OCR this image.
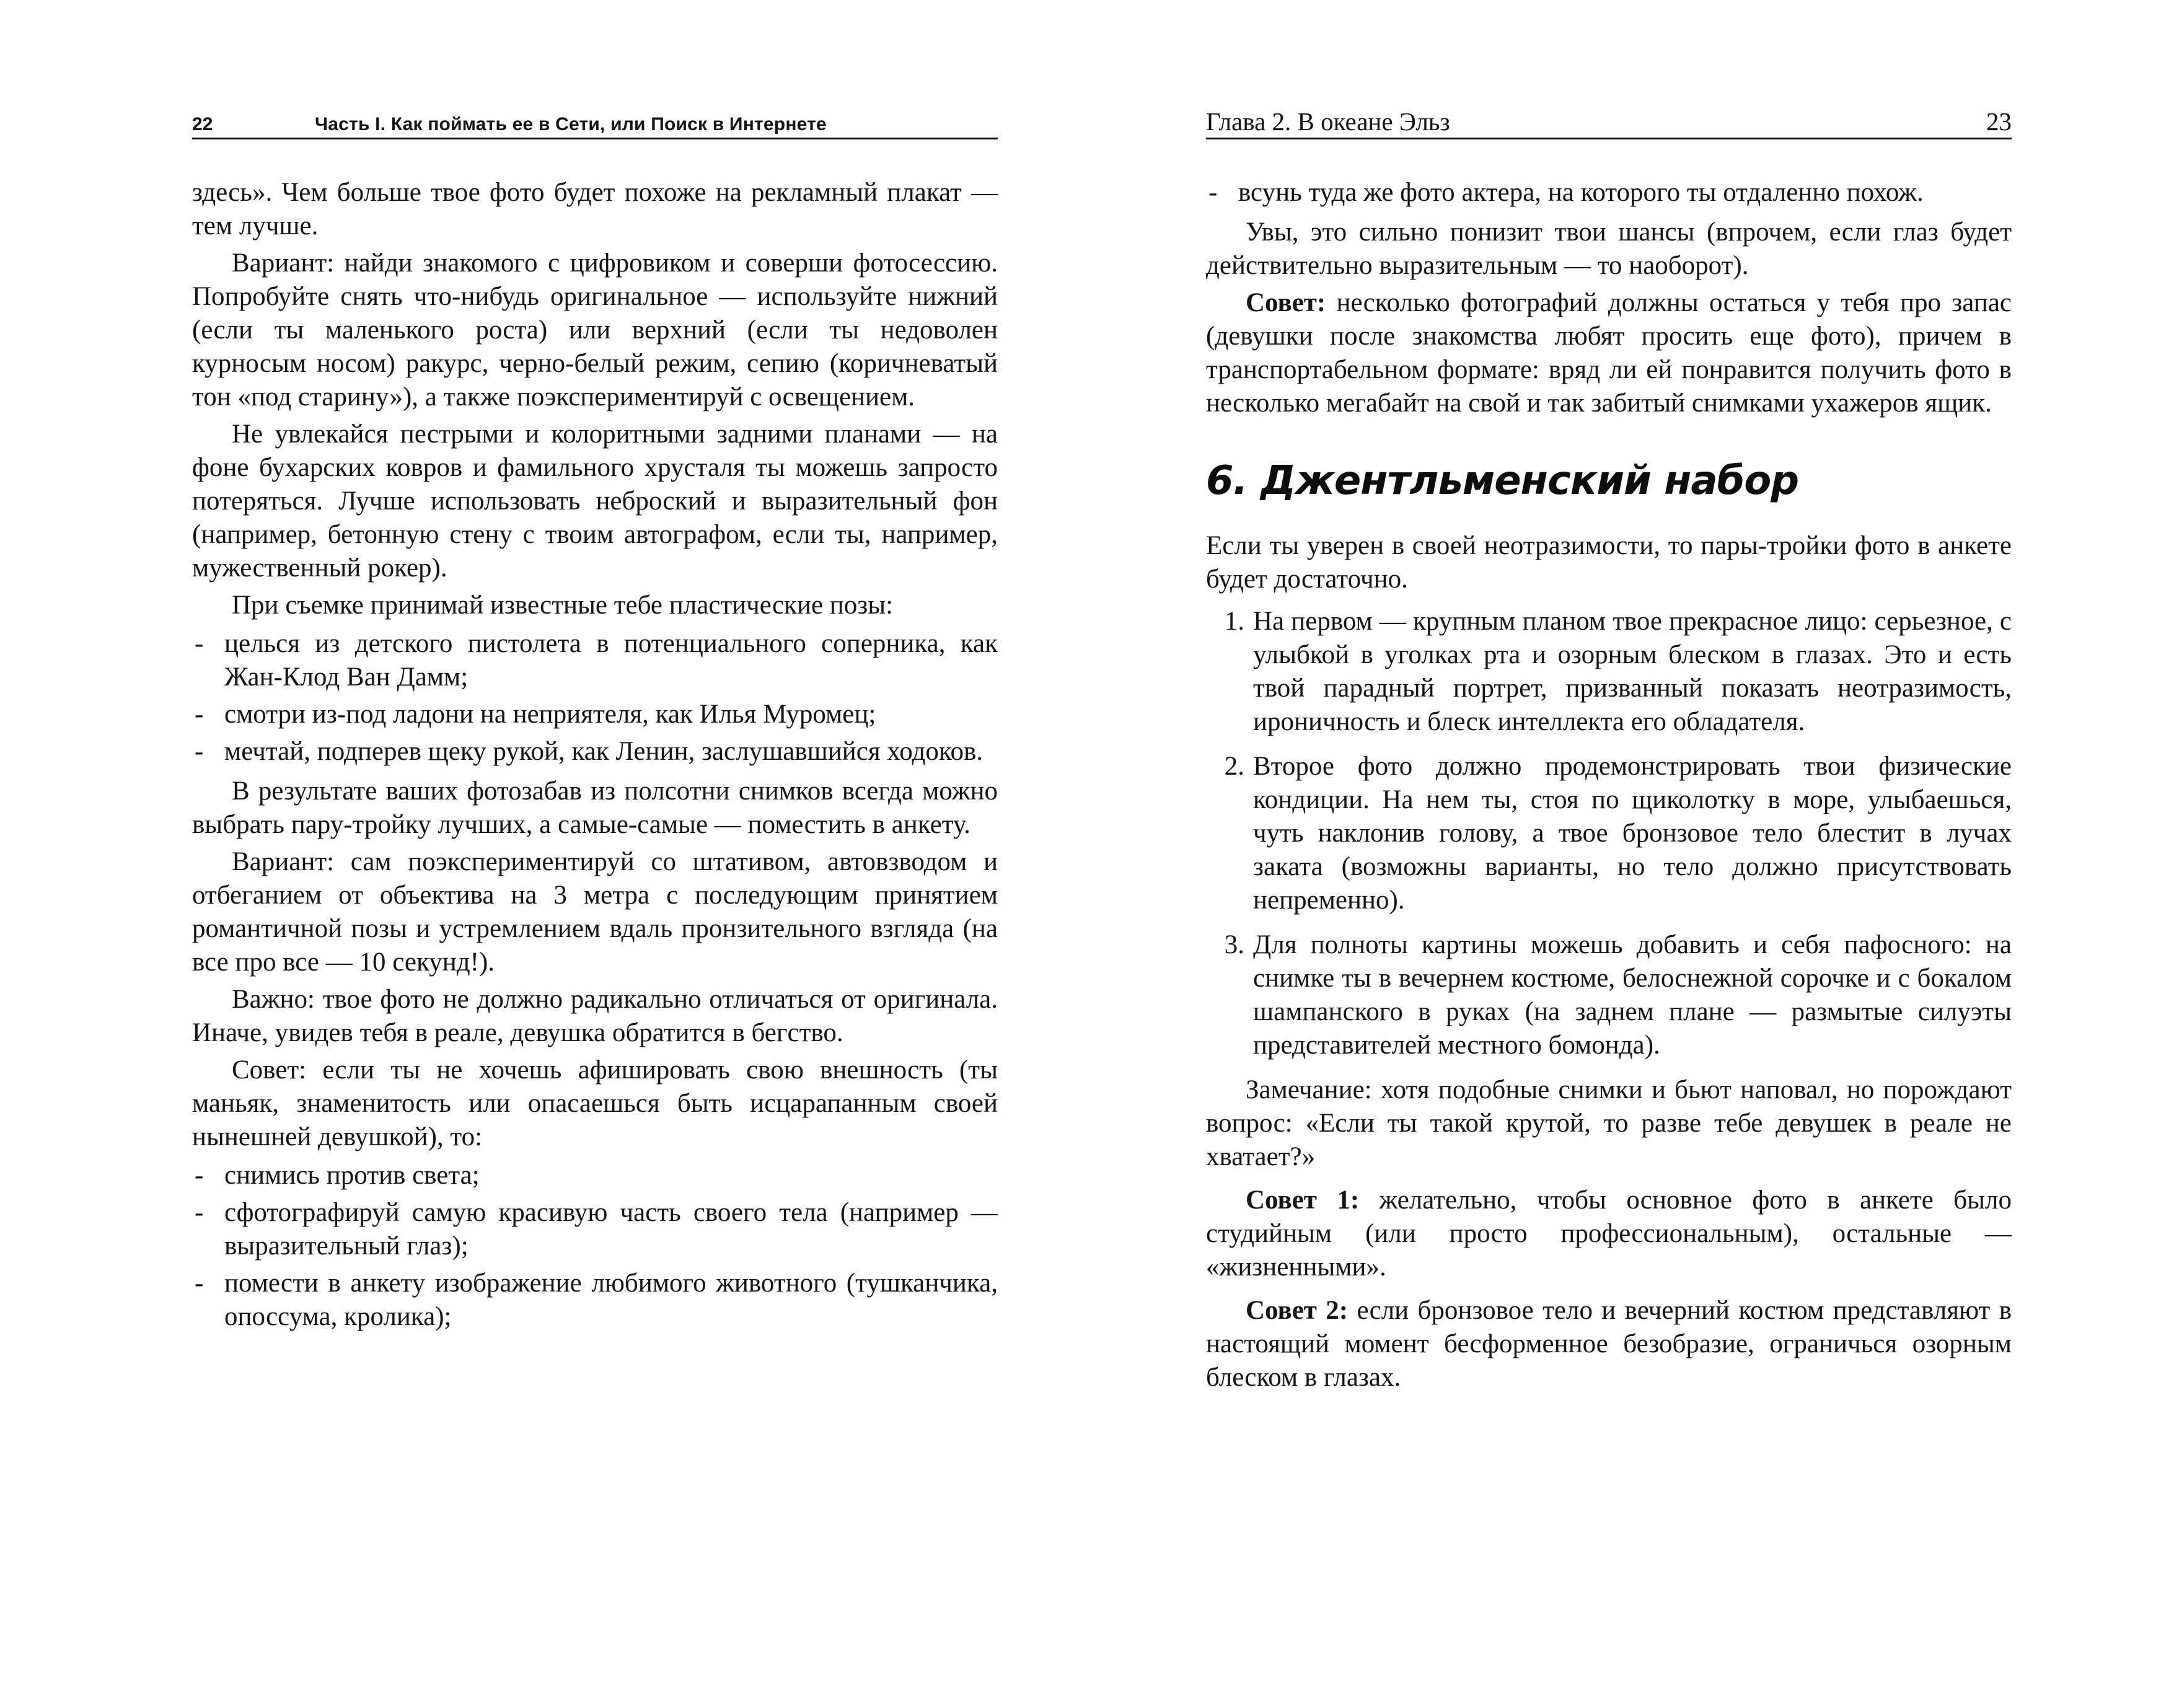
22	Часть I. Как поймать ее в Сети, или Поиск в Интернете

здесь». Чем больше твое фото будет похоже на рекламный плакат — тем лучше.

Вариант: найди знакомого с цифровиком и соверши фотосессию. Попробуйте снять что-нибудь оригинальное — используйте нижний (если ты маленького роста) или верхний (если ты недоволен курносым носом) ракурс, черно-белый режим, сепию (коричневатый тон «под старину»), а также поэкспериментируй с освещением.

Не увлекайся пестрыми и колоритными задними планами — на фоне бухарских ковров и фамильного хрусталя ты можешь запросто потеряться. Лучше использовать неброский и выразительный фон (например, бетонную стену с твоим автографом, если ты, например, мужественный рокер).

При съемке принимай известные тебе пластические позы:

- целься из детского пистолета в потенциального соперника, как Жан-Клод Ван Дамм;
- смотри из-под ладони на неприятеля, как Илья Муромец;
- мечтай, подперев щеку рукой, как Ленин, заслушавшийся ходоков.

В результате ваших фотозабав из полсотни снимков всегда можно выбрать пару-тройку лучших, а самые-самые — поместить в анкету.

Вариант: сам поэкспериментируй со штативом, автовзводом и отбеганием от объектива на 3 метра с последующим принятием романтичной позы и устремлением вдаль пронзительного взгляда (на все про все — 10 секунд!).

Важно: твое фото не должно радикально отличаться от оригинала. Иначе, увидев тебя в реале, девушка обратится в бегство.

Совет: если ты не хочешь афишировать свою внешность (ты маньяк, знаменитость или опасаешься быть исцарапанным своей нынешней девушкой), то:

- снимись против света;
- сфотографируй самую красивую часть своего тела (например — выразительный глаз);
- помести в анкету изображение любимого животного (тушканчика, опоссума, кролика);
Глава 2. В океане Эльз	23
- всунь туда же фото актера, на которого ты отдаленно похож.

Увы, это сильно понизит твои шансы (впрочем, если глаз будет действительно выразительным — то наоборот).

Совет: несколько фотографий должны остаться у тебя про запас (девушки после знакомства любят просить еще фото), причем в транспортабельном формате: вряд ли ей понравится получить фото в несколько мегабайт на свой и так забитый снимками ухажеров ящик.

6. Джентльменский набор

Если ты уверен в своей неотразимости, то пары-тройки фото в анкете будет достаточно.

1. На первом — крупным планом твое прекрасное лицо: серьезное, с улыбкой в уголках рта и озорным блеском в глазах. Это и есть твой парадный портрет, призванный показать неотразимость, ироничность и блеск интеллекта его обладателя.
2. Второе фото должно продемонстрировать твои физические кондиции. На нем ты, стоя по щиколотку в море, улыбаешься, чуть наклонив голову, а твое бронзовое тело блестит в лучах заката (возможны варианты, но тело должно присутствовать непременно).
3. Для полноты картины можешь добавить и себя пафосного: на снимке ты в вечернем костюме, белоснежной сорочке и с бокалом шампанского в руках (на заднем плане — размытые силуэты представителей местного бомонда).

Замечание: хотя подобные снимки и бьют наповал, но порождают вопрос: «Если ты такой крутой, то разве тебе девушек в реале не хватает?»

Совет 1: желательно, чтобы основное фото в анкете было студийным (или просто профессиональным), остальные — «жизненными».

Совет 2: если бронзовое тело и вечерний костюм представляют в настоящий момент бесформенное безобразие, ограничься озорным блеском в глазах.
